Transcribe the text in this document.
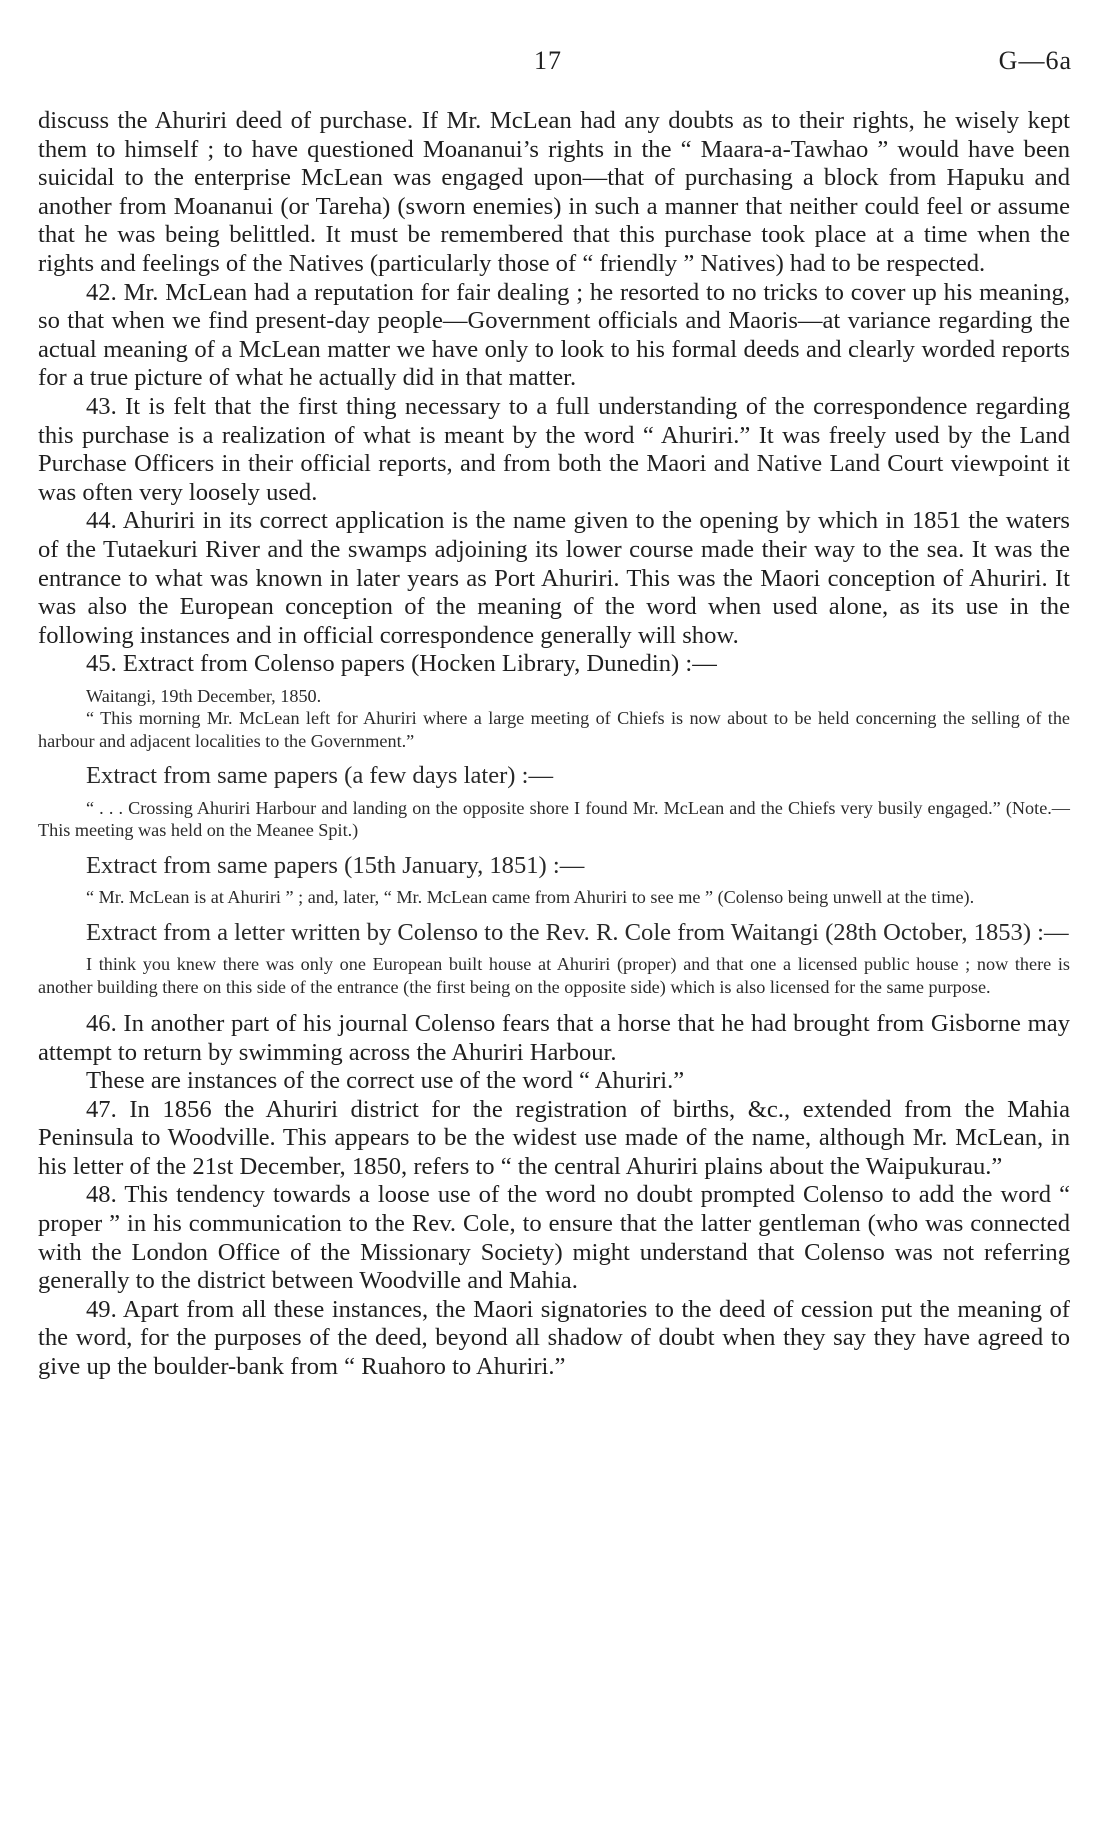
17	G—6a

discuss the Ahuriri deed of purchase. If Mr. McLean had any doubts as to their rights, he wisely kept them to himself ; to have questioned Moananui’s rights in the “ Maara-a-Tawhao ” would have been suicidal to the enterprise McLean was engaged upon—that of purchasing a block from Hapuku and another from Moananui (or Tareha) (sworn enemies) in such a manner that neither could feel or assume that he was being belittled. It must be remembered that this purchase took place at a time when the rights and feelings of the Natives (particularly those of “ friendly ” Natives) had to be respected.

42. Mr. McLean had a reputation for fair dealing ; he resorted to no tricks to cover up his meaning, so that when we find present-day people—Government officials and Maoris—at variance regarding the actual meaning of a McLean matter we have only to look to his formal deeds and clearly worded reports for a true picture of what he actually did in that matter.

43. It is felt that the first thing necessary to a full understanding of the correspondence regarding this purchase is a realization of what is meant by the word “ Ahuriri.” It was freely used by the Land Purchase Officers in their official reports, and from both the Maori and Native Land Court viewpoint it was often very loosely used.

44. Ahuriri in its correct application is the name given to the opening by which in 1851 the waters of the Tutaekuri River and the swamps adjoining its lower course made their way to the sea. It was the entrance to what was known in later years as Port Ahuriri. This was the Maori conception of Ahuriri. It was also the European conception of the meaning of the word when used alone, as its use in the following instances and in official correspondence generally will show.

45. Extract from Colenso papers (Hocken Library, Dunedin) :—

Waitangi, 19th December, 1850.

“ This morning Mr. McLean left for Ahuriri where a large meeting of Chiefs is now about to be held concerning the selling of the harbour and adjacent localities to the Government.”

Extract from same papers (a few days later) :—

“ . . . Crossing Ahuriri Harbour and landing on the opposite shore I found Mr. McLean and the Chiefs very busily engaged.” (Note.—This meeting was held on the Meanee Spit.)

Extract from same papers (15th January, 1851) :—

“ Mr. McLean is at Ahuriri ” ; and, later, “ Mr. McLean came from Ahuriri to see me ” (Colenso being unwell at the time).

Extract from a letter written by Colenso to the Rev. R. Cole from Waitangi (28th October, 1853) :—

I think you knew there was only one European built house at Ahuriri (proper) and that one a licensed public house ; now there is another building there on this side of the entrance (the first being on the opposite side) which is also licensed for the same purpose.

46. In another part of his journal Colenso fears that a horse that he had brought from Gisborne may attempt to return by swimming across the Ahuriri Harbour.

These are instances of the correct use of the word “ Ahuriri.”

47. In 1856 the Ahuriri district for the registration of births, &c., extended from the Mahia Peninsula to Woodville. This appears to be the widest use made of the name, although Mr. McLean, in his letter of the 21st December, 1850, refers to “ the central Ahuriri plains about the Waipukurau.”

48. This tendency towards a loose use of the word no doubt prompted Colenso to add the word “ proper ” in his communication to the Rev. Cole, to ensure that the latter gentleman (who was connected with the London Office of the Missionary Society) might understand that Colenso was not referring generally to the district between Woodville and Mahia.

49. Apart from all these instances, the Maori signatories to the deed of cession put the meaning of the word, for the purposes of the deed, beyond all shadow of doubt when they say they have agreed to give up the boulder-bank from “ Ruahoro to Ahuriri.”
